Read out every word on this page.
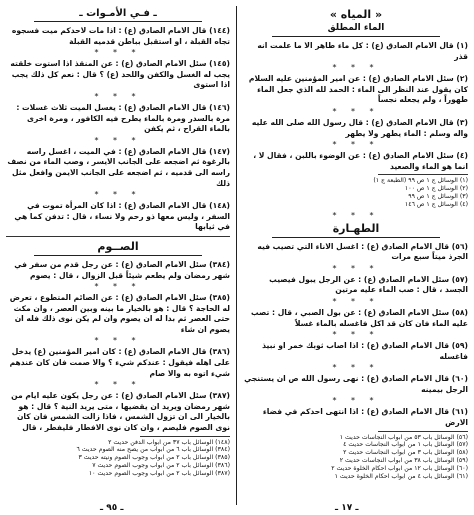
ـ فـي الأمـوات ـ

(١٤٤) قال الامام الصادق (ع) : اذا مات لاحدكم ميت فسجوه تجاه القبلة ، او استقبل بباطن قدميه القبلة

* * *

(١٤٥) سئل الامام الصادق (ع) : عن المنقذ اذا استوت خلقته يجب له الغسل والكفن واللحد (ع) ؟ قال : نعم كل ذلك يجب اذا استوى

* * *

(١٤٦) قال الامام الصادق (ع) : يغسل الميت ثلاث غسلات : مرة بالسدر ومرة بالماء يطرح فيه الكافور ، ومرة اخرى بالماء القراح ، ثم يكفن

* * *

(١٤٧) قال الامام الصادق (ع) : في الميت ، اغسل راسه بالرغوة ثم اضجعه على الجانب الايسر ، وصب الماء من نصف راسه الى قدميه ، ثم اضجعه على الجانب الايمن وافعل مثل ذلك

* * *

(١٤٨) قال الامام الصادق (ع) : اذا كان المرأة تموت في السفر ، وليس معها ذو رحم ولا نساء ، قال : تدفن كما هي في ثيابها

الصــوم

(٣٨٤) سئل الامام الصادق (ع) : عن رجل قدم من سفر في شهر رمضان ولم يطعم شيئاً قبل الزوال ، قال : يصوم

* * *

(٣٨٥) سئل الامام الصادق (ع) : عن الصائم المتطوع ، تعرض له الحاجة ؟ قال : هو بالخيار ما بينه وبين العصر ، وان مكث حتى العصر ثم بدا له ان يصوم وان لم يكن نوى ذلك فله ان يصوم ان شاء

* * *

(٣٨٦) قال الامام الصادق (ع) : كان امير المؤمنين (ع) يدخل على اهله فيقول : عندكم شيء ؟ والا صمت فان كان عندهم شيء اتوه به والا صام

* * *

(٣٨٧) سئل الامام الصادق (ع) : عن رجل يكون عليه ايام من شهر رمضان ويريد ان يقضيها ، متى يريد النية ؟ قال : هو بالخيار الى ان تزول الشمس ، فاذا زالت الشمس فان كان نوى الصوم فليصم ، وان كان نوى الافطار فليفطر ، قال

(١٤٨) الوسائل باب ٣٧ من ابواب الدفن حديث ٢
(٣٨٤) الوسائل باب ٦ من ابواب من يصح منه الصوم حديث ٦
(٣٨٥) الوسائل باب ٢ من ابواب وجوب الصوم ونيته حديث ٣
(٣٨٦) الوسائل باب ٢ من ابواب وجوب الصوم حديث ٧
(٣٨٧) الوسائل باب ٢ من ابواب وجوب الصوم حديث ١٠
« المياه »
الماء المطلق

(١) قال الامام الصادق (ع) : كل ماء طاهر الا ما علمت انه قذر

* * *

(٢) سئل الامام الصادق (ع) : عن امير المؤمنين عليه السلام كان يقول عند النظر الى الماء : الحمد لله الذي جعل الماء طهوراً ، ولم يجعله نجساً

* * *

(٣) قال الامام الصادق (ع) : قال رسول الله صلى الله عليه واله وسلم : الماء يطهر ولا يطهر

* * *

(٤) سئل الامام الصادق (ع) : عن الوضوء باللبن ، فقال لا ، انما هو الماء والصعيد

(١) الوسائل ج ١ ص ٩٩ (الطبعة ج ١)
(٢) الوسائل ج ١ ص ١٠٠
(٣) الوسائل ج ١ ص ٩٩
(٤) الوسائل ج ١ ص ١٤٦
* * *
الطهـارة

(٥٦) قال الامام الصادق (ع) : اغسل الاناء التي تصيب فيه الجرذ ميتاً سبع مرات

* * *

(٥٧) سئل الامام الصادق (ع) : عن الرجل يبول فيصيب الجسد ، قال : صب الماء عليه مرتين

* * *

(٥٨) سئل الامام الصادق (ع) : عن بول الصبي ، قال : تصب عليه الماء فان كان قد اكل فاغسله بالماء غسلاً

* * *

(٥٩) قال الامام الصادق (ع) : اذا اصاب ثوبك خمر او نبيذ فاغسله

* * *

(٦٠) قال الامام الصادق (ع) : نهى رسول الله ص ان يستنجي الرجل بيمينه

* * *

(٦١) قال الامام الصادق (ع) : اذا انتهى احدكم في فضاء الارض

(٥٦) الوسائل باب ٥٣ من ابواب النجاسات حديث ١
(٥٧) الوسائل باب ١ من ابواب النجاسات حديث ٤
(٥٨) الوسائل باب ٣ من ابواب النجاسات حديث ٢
(٥٩) الوسائل باب ٣٨ من ابواب النجاسات حديث ٢
(٦٠) الوسائل باب ١٢ من ابواب احكام الخلوة حديث ٢
(٦١) الوسائل باب ٤ من ابواب احكام الخلوة حديث ١
ـ ٩٥ ـ	ـ ١٧ ـ
